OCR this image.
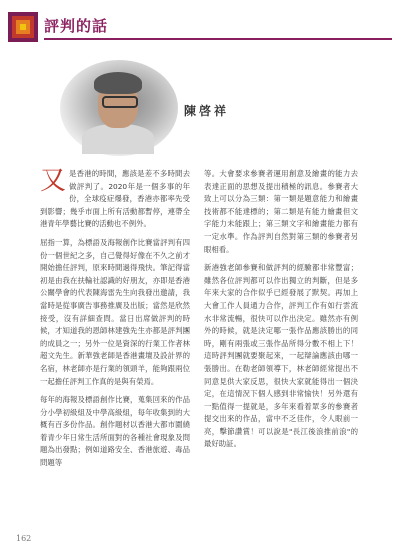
評判的話
陳啓祥

又是香港的時間，應該是差不多時間去做評判了。2020年是一個多事的年份，全球疫症爆發，香港亦都率先受到影響；幾乎市面上所有活動都暫停，連帶全港青年學藝比賽的活動也不例外。

屈指一算，為標語及海報創作比賽當評判有四份一個世紀之多，自己覺得好像在不久之前才開始擔任評判，原來時間過得飛快。筆記得當初是由我在扶輪社認識的好朋友，亦即是香港公關學會的代表陳海雷先生向我發出邀請，我當時是從事廣告事務推廣及出版；當然是欣然接受，沒有詳細查問。當日出席做評判的時候，才知道我的恩師林建強先生亦都是評判團的成員之一；另外一位是資深的行業工作者林超文先生。新華強老師是香港畫壇及設計界的名宿，林老師亦是行業的領頭羊，能夠跟兩位一起擔任評判工作真的是與有榮焉。

每年的海報及標語創作比賽，蒐集回來的作品分小學初級組及中學高級組，每年收集到的大概有百多份作品。創作題材以香港大都市圍繞着青少年日常生活所面對的各種社會現象及問題為出發點；例如道路安全、香港旅遊、毒品問題等

等。大會要求參賽者運用創意及繪畫的能力去表達正面的思想及提出積極的訊息。參賽者大致上可以分為三類：第一類是題意能力和繪畫技術都不能達標的；第二類是有能力繪畫但文字能力未能跟上；第三類文字和繪畫能力都有一定水準。作為評判自然對第三類的參賽者另眼相看。

新港強老師參賽和做評判的經驗都非常豐富；雖然各位評判都可以作出獨立的判斷，但是多年來大家的合作似乎已經發展了默契。再加上大會工作人員通力合作，評判工作有如行雲流水非常流暢，很快可以作出決定。雖然亦有例外的時候，就是決定哪一張作品應該勝出的同時，剛有兩張或三張作品所得分數不相上下！這時評判團就要聚起來，一起辯論應該由哪一張勝出。在勒老師領導下，林老師經常提出不同意見供大家反思，很快大家就能得出一個決定，在這情況下個人感到非常愉快！另外還有一點值得一提就是，多年來看着眾多的參賽者提交出來的作品，當中不乏佳作，令人眼前一亮，擊節讚賞！可以說是"長江後浪推前浪"的最好助証。

162
